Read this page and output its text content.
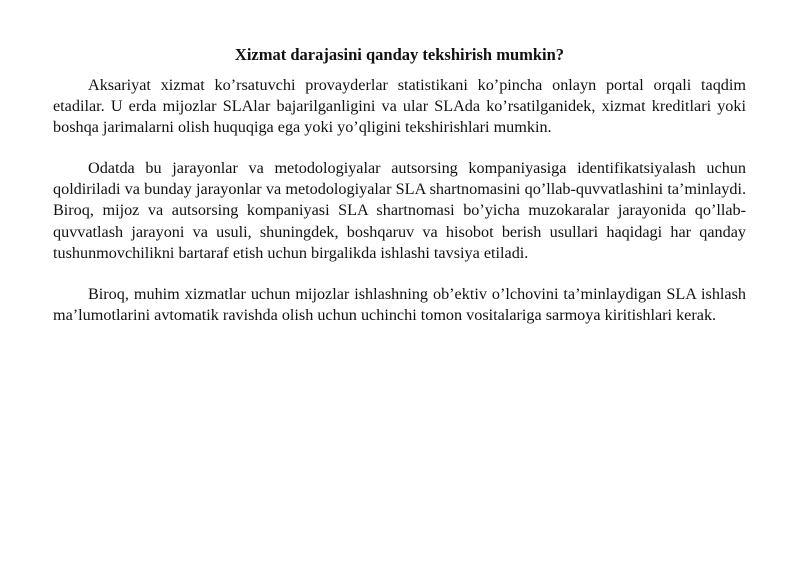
Xizmat darajasini qanday tekshirish mumkin?

Aksariyat xizmat ko’rsatuvchi provayderlar statistikani ko’pincha onlayn portal orqali taqdim etadilar. U erda mijozlar SLAlar bajarilganligini va ular SLAda ko’rsatilganidek, xizmat kreditlari yoki boshqa jarimalarni olish huquqiga ega yoki yo’qligini tekshirishlari mumkin.

Odatda bu jarayonlar va metodologiyalar autsorsing kompaniyasiga identifikatsiyalash uchun qoldiriladi va bunday jarayonlar va metodologiyalar SLA shartnomasini qo’llab-quvvatlashini ta’minlaydi. Biroq, mijoz va autsorsing kompaniyasi SLA shartnomasi bo’yicha muzokaralar jarayonida qo’llab-quvvatlash jarayoni va usuli, shuningdek, boshqaruv va hisobot berish usullari haqidagi har qanday tushunmovchilikni bartaraf etish uchun birgalikda ishlashi tavsiya etiladi.

Biroq, muhim xizmatlar uchun mijozlar ishlashning ob’ektiv o’lchovini ta’minlaydigan SLA ishlash ma’lumotlarini avtomatik ravishda olish uchun uchinchi tomon vositalariga sarmoya kiritishlari kerak.
